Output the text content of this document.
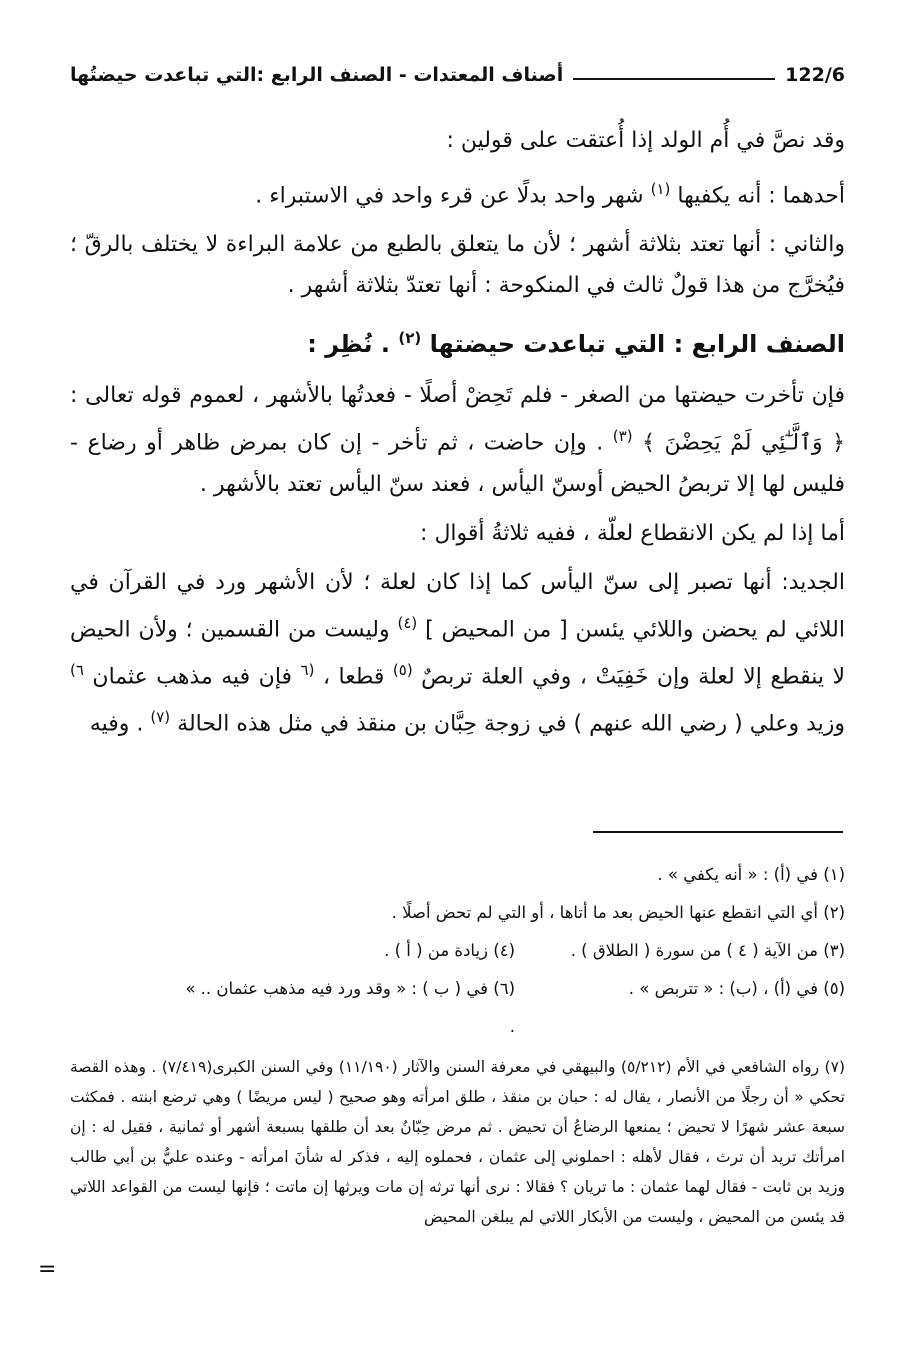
122/6
أصناف المعتدات - الصنف الرابع :التي تباعدت حيضتُها

وقد نصَّ في أُم الولد إذا أُعتقت على قولين :

أحدهما : أنه يكفيها $^{(١)}$ شهر واحد بدلًا عن قرء واحد في الاستبراء .

والثاني : أنها تعتد بثلاثة أشهر ؛ لأن ما يتعلق بالطبع من علامة البراءة لا يختلف بالرقّ ؛ فيُخرَّج من هذا قولٌ ثالث في المنكوحة : أنها تعتدّ بثلاثة أشهر .

الصنف الرابع : التي تباعدت حيضتها $^{(٢)}$ . نُظِر :

فإن تأخرت حيضتها من الصغر - فلم تَحِضْ أصلًا - فعدتُها بالأشهر ، لعموم قوله تعالى : ﴿ وَٱلَّـٰٓئِي لَمْ يَحِضْنَ ﴾ $^{(٣)}$ . وإن حاضت ، ثم تأخر - إن كان بمرض ظاهر أو رضاع - فليس لها إلا تربصُ الحيض أوسنّ اليأس ، فعند سنّ اليأس تعتد بالأشهر .

أما إذا لم يكن الانقطاع لعلّة ، ففيه ثلاثةُ أقوال :

الجديد: أنها تصبر إلى سنّ اليأس كما إذا كان لعلة ؛ لأن الأشهر ورد في القرآن في اللائي لم يحضن واللائي يئسن [ من المحيض ] $^{(٤)}$ وليست من القسمين ؛ ولأن الحيض لا ينقطع إلا لعلة وإن خَفِيَتْ ، وفي العلة تربصٌ $^{(٥)}$ قطعا ، $^{(٦}$ فإن فيه مذهب عثمان $^{٦)}$ وزيد وعلي ( رضي الله عنهم ) في زوجة حِبَّان بن منقذ في مثل هذه الحالة $^{(٧)}$ . وفيه

(١) في (أ) : « أنه يكفي » .
(٢) أي التي انقطع عنها الحيض بعد ما أتاها ، أو التي لم تحض أصلًا .
(٣) من الآية ( ٤ ) من سورة ( الطلاق ) .
(٤) زيادة من ( أ ) .
(٥) في (أ) ، (ب) : « تتربص » .
(٦) في ( ب ) : « وقد ورد فيه مذهب عثمان .. » .
(٧) رواه الشافعي في الأم (٥/٢١٢) والبيهقي في معرفة السنن والآثار (١١/١٩٠) وفي السنن الكبرى(٧/٤١٩) . وهذه القصة تحكي « أن رجلًا من الأنصار ، يقال له : حبان بن منقذ ، طلق امرأته وهو صحيح ( ليس مريضًا ) وهي ترضع ابنته . فمكثت سبعة عشر شهرًا لا تحيض ؛ يمنعها الرضاعُ أن تحيض . ثم مرض حِبّانُ بعد أن طلقها بسبعة أشهر أو ثمانية ، فقيل له : إن امرأتك تريد أن ترث ، فقال لأهله : احملوني إلى عثمان ، فحملوه إليه ، فذكر له شأنَ امرأته - وعنده عليُّ بن أبي طالب وزيد بن ثابت - فقال لهما عثمان : ما تريان ؟ فقالا : نرى أنها ترثه إن مات ويرثها إن ماتت ؛ فإنها ليست من القواعد اللاتي قد يئسن من المحيض ، وليست من الأبكار اللاتي لم يبلغن المحيض
=
